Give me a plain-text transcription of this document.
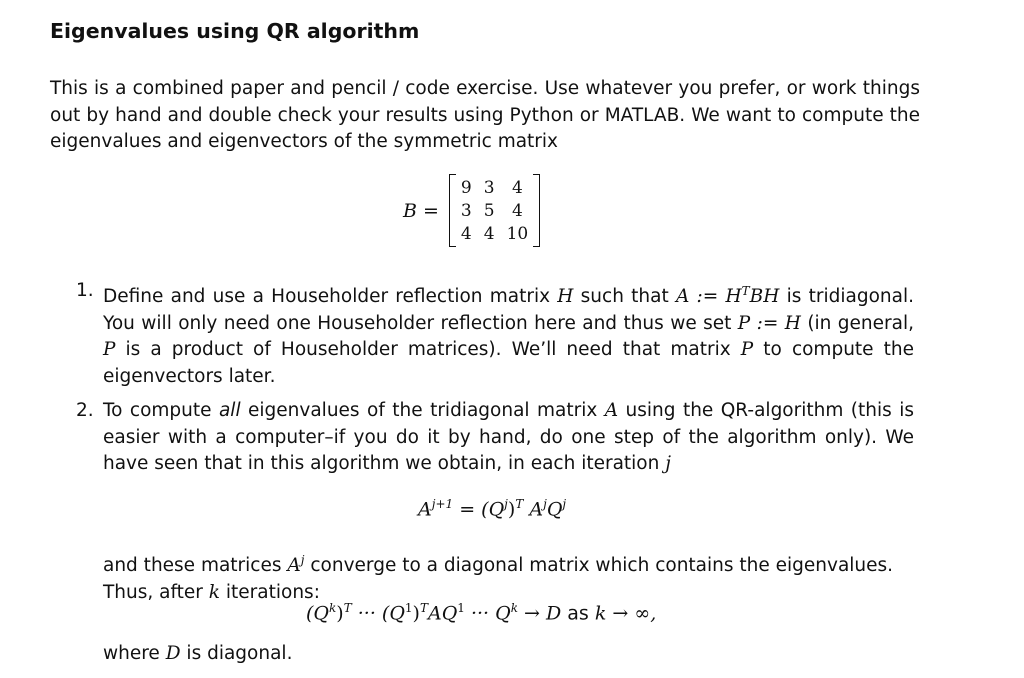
Eigenvalues using QR algorithm
This is a combined paper and pencil / code exercise. Use whatever you prefer, or work things out by hand and double check your results using Python or MATLAB. We want to compute the eigenvalues and eigenvectors of the symmetric matrix
B =
9	3	4
3	5	4
4	4	10
1. Define and use a Householder reflection matrix H such that A := $H^TBH$ is tridiagonal. You will only need one Householder reflection here and thus we set P := H (in general, P is a product of Householder matrices). We’ll need that matrix P to compute the eigenvectors later.
2. To compute all eigenvalues of the tridiagonal matrix A using the QR-algorithm (this is easier with a computer–if you do it by hand, do one step of the algorithm only). We have seen that in this algorithm we obtain, in each iteration j
$A^{j+1} = (Q^j)^T$ $A^jQ^j$
and these matrices $A^j$ converge to a diagonal matrix which contains the eigenvalues. Thus, after k iterations:
$(Q^k)^T$ ··· $(Q^1)^TAQ^1$ ··· $Q^k \to D$ as k → ∞,
where D is diagonal.
